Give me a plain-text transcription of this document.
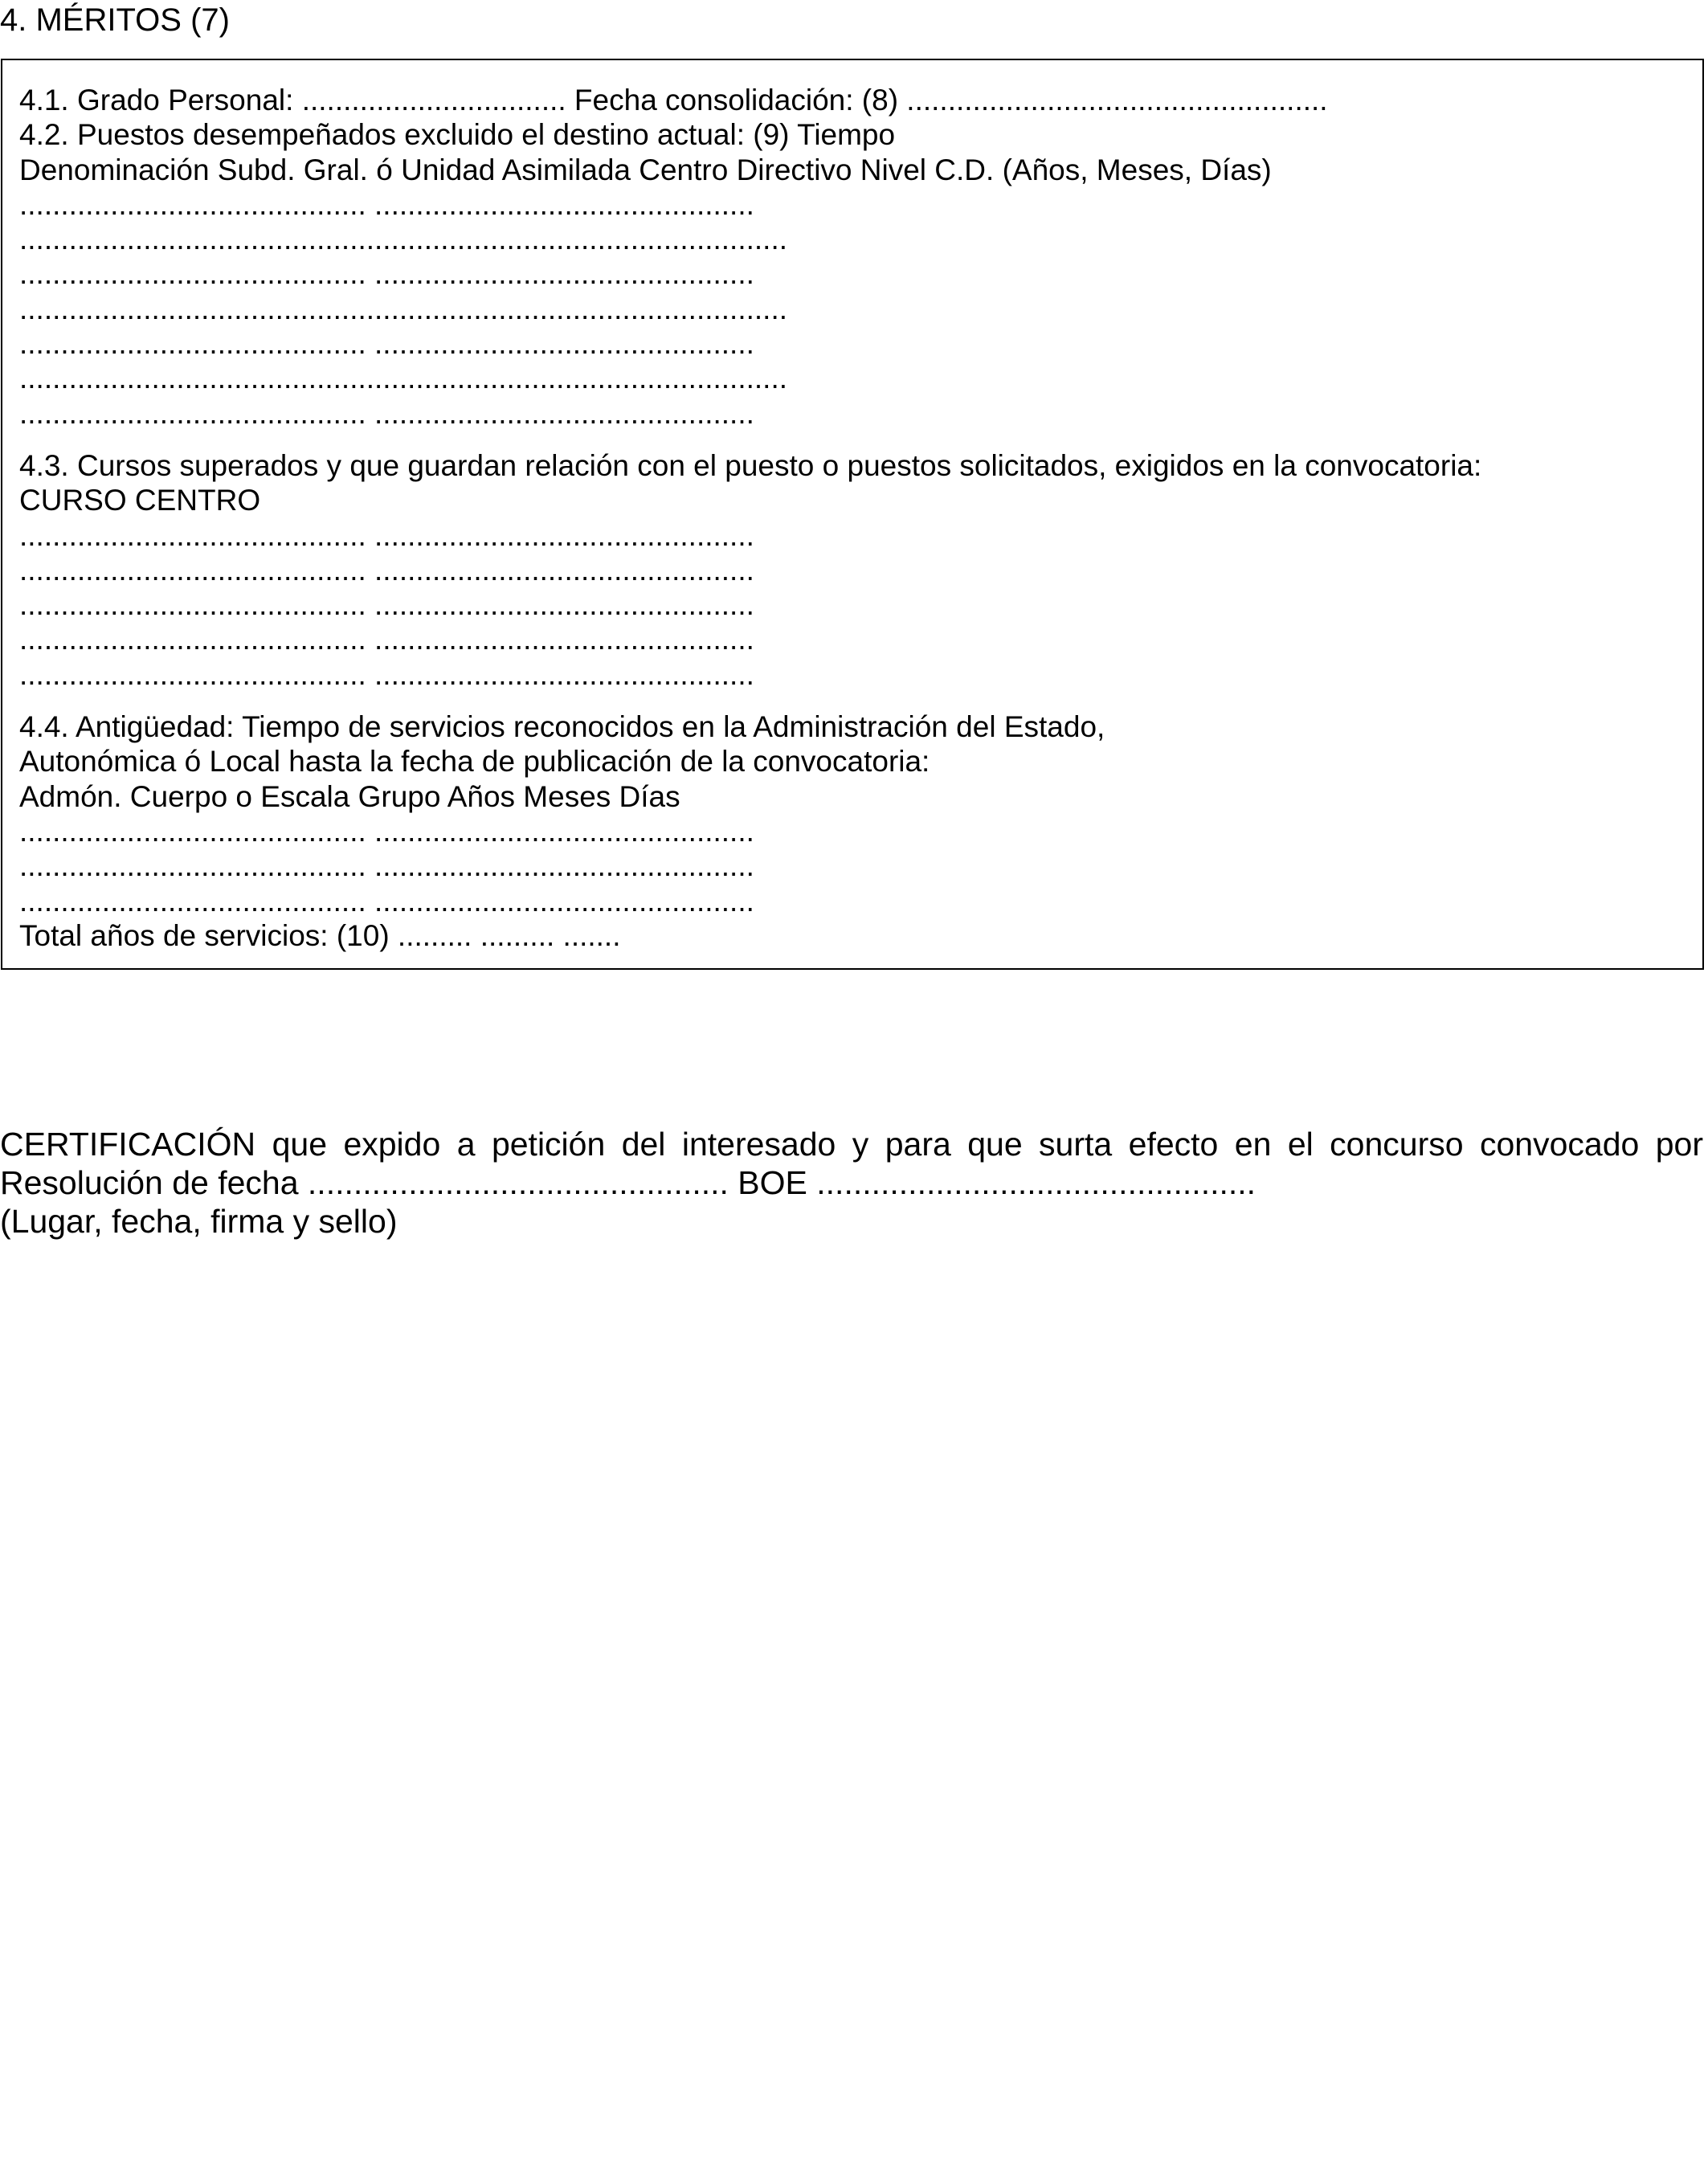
4. MÉRITOS (7)
4.1. Grado Personal: ................................ Fecha consolidación: (8) ...................................................
4.2. Puestos desempeñados excluido el destino actual: (9) Tiempo
Denominación Subd. Gral. ó Unidad Asimilada Centro Directivo Nivel C.D. (Años, Meses, Días)
.......................................... ..............................................
.............................................................................................
.......................................... ..............................................
.............................................................................................
.......................................... ..............................................
.............................................................................................
.......................................... ..............................................
4.3. Cursos superados y que guardan relación con el puesto o puestos solicitados, exigidos en la convocatoria:
CURSO CENTRO
.......................................... ..............................................
.......................................... ..............................................
.......................................... ..............................................
.......................................... ..............................................
.......................................... ..............................................
4.4. Antigüedad: Tiempo de servicios reconocidos en la Administración del Estado,
Autonómica ó Local hasta la fecha de publicación de la convocatoria:
Admón. Cuerpo o Escala Grupo Años Meses Días
.......................................... ..............................................
.......................................... ..............................................
.......................................... ..............................................
Total años de servicios: (10) ......... ......... .......
CERTIFICACIÓN que expido a petición del interesado y para que surta efecto en el concurso convocado por
Resolución de fecha .............................................. BOE ................................................
(Lugar, fecha, firma y sello)
